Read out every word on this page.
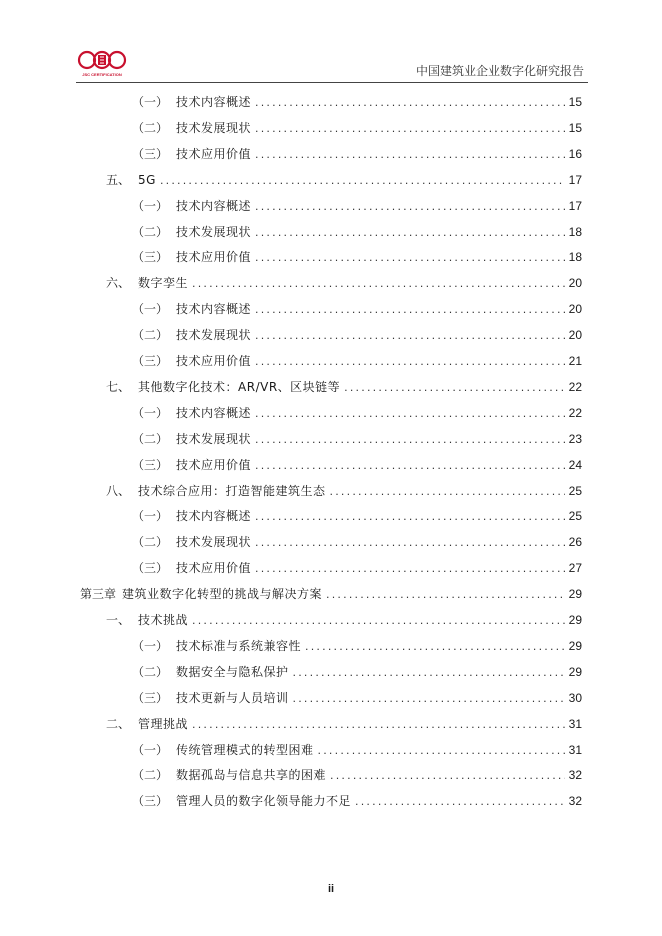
JSC CERTIFICATION	中国建筑业企业数字化研究报告
（一） 技术内容概述 .....	15
（二） 技术发展现状 .....	15
（三） 技术应用价值 .....	16
五、 5G .....	17
（一） 技术内容概述 .....	17
（二） 技术发展现状 .....	18
（三） 技术应用价值 .....	18
六、 数字孪生 .....	20
（一） 技术内容概述 .....	20
（二） 技术发展现状 .....	20
（三） 技术应用价值 .....	21
七、 其他数字化技术：AR/VR、区块链等 .....	22
（一） 技术内容概述 .....	22
（二） 技术发展现状 .....	23
（三） 技术应用价值 .....	24
八、 技术综合应用：打造智能建筑生态 .....	25
（一） 技术内容概述 .....	25
（二） 技术发展现状 .....	26
（三） 技术应用价值 .....	27
第三章 建筑业数字化转型的挑战与解决方案 .....	29
一、 技术挑战 .....	29
（一） 技术标准与系统兼容性 .....	29
（二） 数据安全与隐私保护 .....	29
（三） 技术更新与人员培训 .....	30
二、 管理挑战 .....	31
（一） 传统管理模式的转型困难 .....	31
（二） 数据孤岛与信息共享的困难 .....	32
（三） 管理人员的数字化领导能力不足 .....	32
ii
